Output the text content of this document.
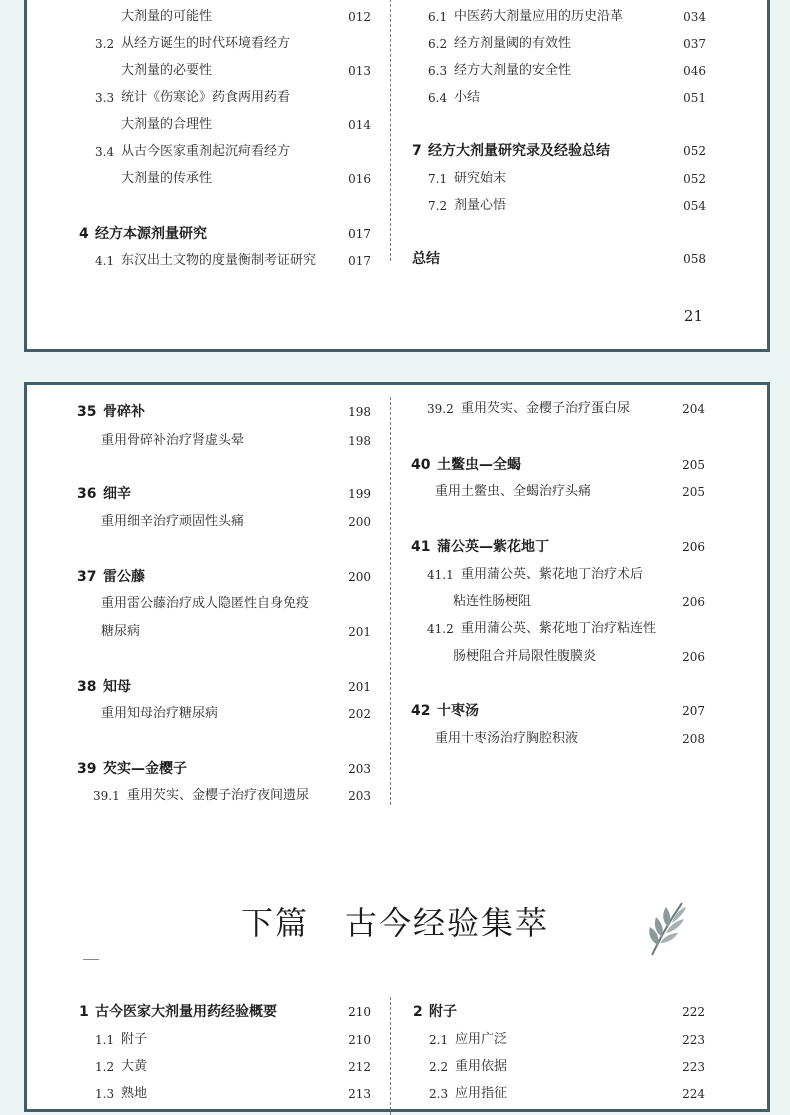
大剂量的可能性	012
3.2 从经方诞生的时代环境看经方
大剂量的必要性	013
3.3 统计《伤寒论》药食两用药看
大剂量的合理性	014
3.4 从古今医家重剂起沉疴看经方
大剂量的传承性	016
4 经方本源剂量研究	017
4.1 东汉出土文物的度量衡制考证研究	017
6.1 中医药大剂量应用的历史沿革	034
6.2 经方剂量阈的有效性	037
6.3 经方大剂量的安全性	046
6.4 小结	051
7 经方大剂量研究录及经验总结	052
7.1 研究始末	052
7.2 剂量心悟	054
总结	058
21
35 骨碎补	198
重用骨碎补治疗肾虚头晕	198
36 细辛	199
重用细辛治疗顽固性头痛	200
37 雷公藤	200
重用雷公藤治疗成人隐匿性自身免疫
糖尿病	201
38 知母	201
重用知母治疗糖尿病	202
39 芡实—金樱子	203
39.1 重用芡实、金樱子治疗夜间遗尿	203
39.2 重用芡实、金樱子治疗蛋白尿	204
40 土鳖虫—全蝎	205
重用土鳖虫、全蝎治疗头痛	205
41 蒲公英—紫花地丁	206
41.1 重用蒲公英、紫花地丁治疗术后
粘连性肠梗阻	206
41.2 重用蒲公英、紫花地丁治疗粘连性
肠梗阻合并局限性腹膜炎	206
42 十枣汤	207
重用十枣汤治疗胸腔积液	208
1 古今医家大剂量用药经验概要	210
1.1 附子	210
1.2 大黄	212
1.3 熟地	213
2 附子	222
2.1 应用广泛	223
2.2 重用依据	223
2.3 应用指征	224
下篇 古今经验集萃
